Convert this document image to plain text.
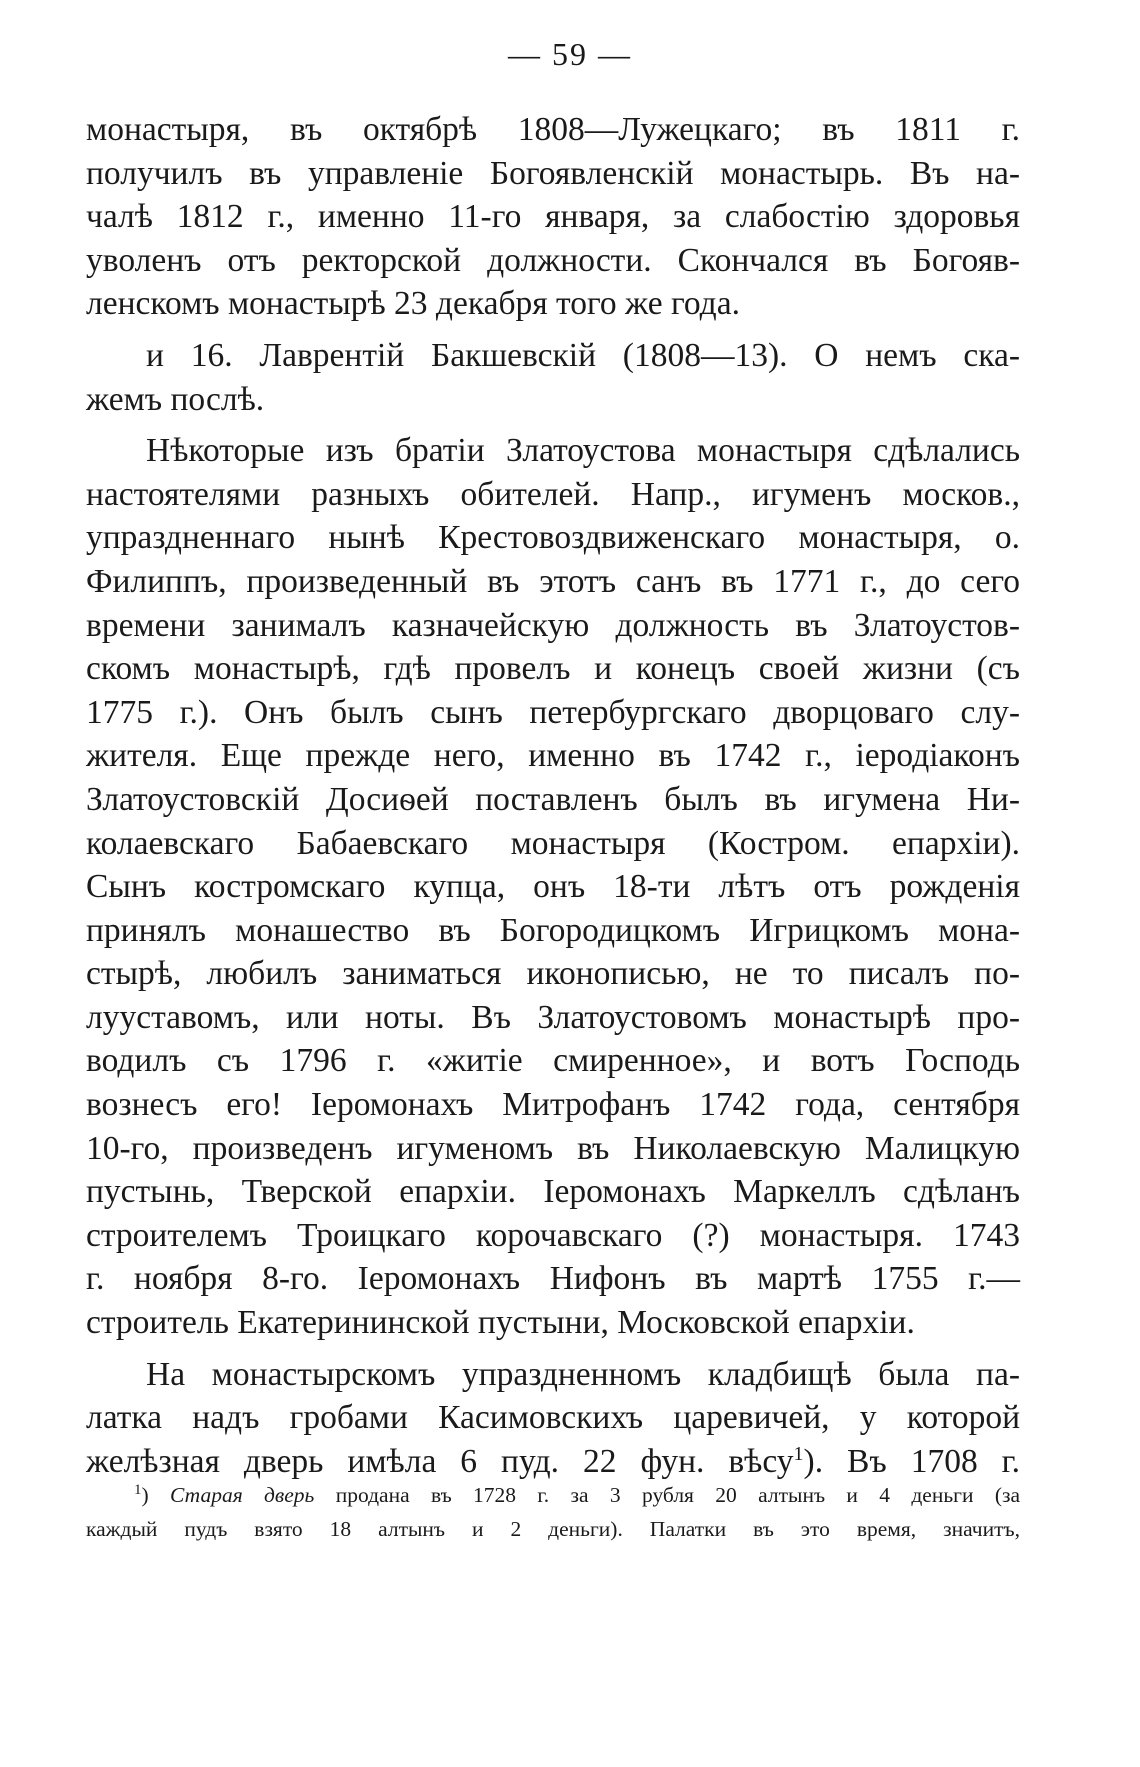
— 59 —
монастыря, въ октябрѣ 1808—Лужецкаго; въ 1811 г.
получилъ въ управленіе Богоявленскій монастырь. Въ на-
чалѣ 1812 г., именно 11-го января, за слабостію здоровья
уволенъ отъ ректорской должности. Скончался въ Богояв-
ленскомъ монастырѣ 23 декабря того же года.
и 16. Лаврентій Бакшевскій (1808—13). О немъ ска-
жемъ послѣ.
Нѣкоторые изъ братіи Златоустова монастыря сдѣлались
настоятелями разныхъ обителей. Напр., игуменъ москов.,
упраздненнаго нынѣ Крестовоздвиженскаго монастыря, о.
Филиппъ, произведенный въ этотъ санъ въ 1771 г., до сего
времени занималъ казначейскую должность въ Златоустов-
скомъ монастырѣ, гдѣ провелъ и конецъ своей жизни (съ
1775 г.). Онъ былъ сынъ петербургскаго дворцоваго слу-
жителя. Еще прежде него, именно въ 1742 г., іеродіаконъ
Златоустовскій Досиѳей поставленъ былъ въ игумена Ни-
колаевскаго Бабаевскаго монастыря (Костром. епархіи).
Сынъ костромскаго купца, онъ 18-ти лѣтъ отъ рожденія
принялъ монашество въ Богородицкомъ Игрицкомъ мона-
стырѣ, любилъ заниматься иконописью, не то писалъ по-
лууставомъ, или ноты. Въ Златоустовомъ монастырѣ про-
водилъ съ 1796 г. «житіе смиренное», и вотъ Господь
вознесъ его! Іеромонахъ Митрофанъ 1742 года, сентября
10-го, произведенъ игуменомъ въ Николаевскую Малицкую
пустынь, Тверской епархіи. Іеромонахъ Маркеллъ сдѣланъ
строителемъ Троицкаго корочавскаго (?) монастыря. 1743
г. ноября 8-го. Іеромонахъ Нифонъ въ мартѣ 1755 г.—
строитель Екатерининской пустыни, Московской епархіи.
На монастырскомъ упраздненномъ кладбищѣ была па-
латка надъ гробами Касимовскихъ царевичей, у которой
желѣзная дверь имѣла 6 пуд. 22 фун. вѣсу$^1$). Въ 1708 г.
$^1$) Старая дверь продана въ 1728 г. за 3 рубля 20 алтынъ и 4 деньги (за
каждый пудъ взято 18 алтынъ и 2 деньги). Палатки въ это время, значитъ,
